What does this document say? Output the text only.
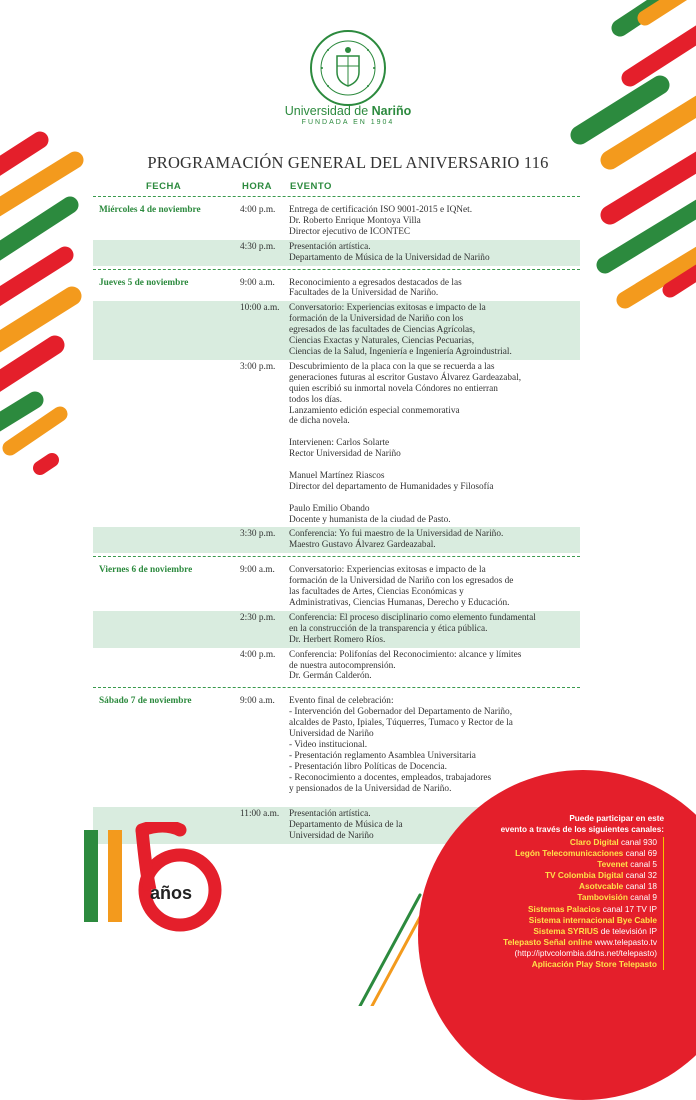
Universidad de Nariño
FUNDADA EN 1904
PROGRAMACIÓN GENERAL DEL ANIVERSARIO 116
FECHA	HORA EVENTO
Miércoles 4 de noviembre	4:00 p.m. Entrega de certificación ISO 9001-2015 e IQNet.
Dr. Roberto Enrique Montoya Villa
Director ejecutivo de ICONTEC
4:30 p.m. Presentación artística.
Departamento de Música de la Universidad de Nariño
Jueves 5 de noviembre	9:00 a.m. Reconocimiento a egresados destacados de las
Facultades de la Universidad de Nariño.
10:00 a.m. Conversatorio: Experiencias exitosas e impacto de la
formación de la Universidad de Nariño con los
egresados de las facultades de Ciencias Agrícolas,
Ciencias Exactas y Naturales, Ciencias Pecuarias,
Ciencias de la Salud, Ingeniería e Ingeniería Agroindustrial.
3:00 p.m. Descubrimiento de la placa con la que se recuerda a las
generaciones futuras al escritor Gustavo Álvarez Gardeazabal,
quien escribió su inmortal novela Cóndores no entierran
todos los días.
Lanzamiento edición especial conmemorativa
de dicha novela.

Intervienen: Carlos Solarte
Rector Universidad de Nariño

Manuel Martínez Riascos
Director del departamento de Humanidades y Filosofía

Paulo Emilio Obando
Docente y humanista de la ciudad de Pasto.

3:30 p.m. Conferencia: Yo fui maestro de la Universidad de Nariño.
Maestro Gustavo Álvarez Gardeazabal.
Viernes 6 de noviembre	9:00 a.m. Conversatorio: Experiencias exitosas e impacto de la
formación de la Universidad de Nariño con los egresados de
las facultades de Artes, Ciencias Económicas y
Administrativas, Ciencias Humanas, Derecho y Educación.
2:30 p.m. Conferencia: El proceso disciplinario como elemento fundamental
en la construcción de la transparencia y ética pública.
Dr. Herbert Romero Ríos.
4:00 p.m. Conferencia: Polifonías del Reconocimiento: alcance y límites
de nuestra autocomprensión.
Dr. Germán Calderón.
Sábado 7 de noviembre	9:00 a.m. Evento final de celebración:
- Intervención del Gobernador del Departamento de Nariño,
alcaldes de Pasto, Ipiales, Túquerres, Tumaco y Rector de la
Universidad de Nariño
- Video institucional.
- Presentación reglamento Asamblea Universitaria
- Presentación libro Políticas de Docencia.
- Reconocimiento a docentes, empleados, trabajadores
y pensionados de la Universidad de Nariño.

11:00 a.m. Presentación artística.
Departamento de Música de la
Universidad de Nariño
años
Puede participar en este
evento a través de los siguientes canales:
Claro Digital canal 930
Legón Telecomunicaciones canal 69
Tevenet canal 5
TV Colombia Digital canal 32
Asotvcable canal 18
Tambovisión canal 9
Sistemas Palacios canal 17 TV IP
Sistema internacional Bye Cable
Sistema SYRIUS de televisión IP
Telepasto Señal online www.telepasto.tv
(http://iptvcolombia.ddns.net/telepasto)
Aplicación Play Store Telepasto
